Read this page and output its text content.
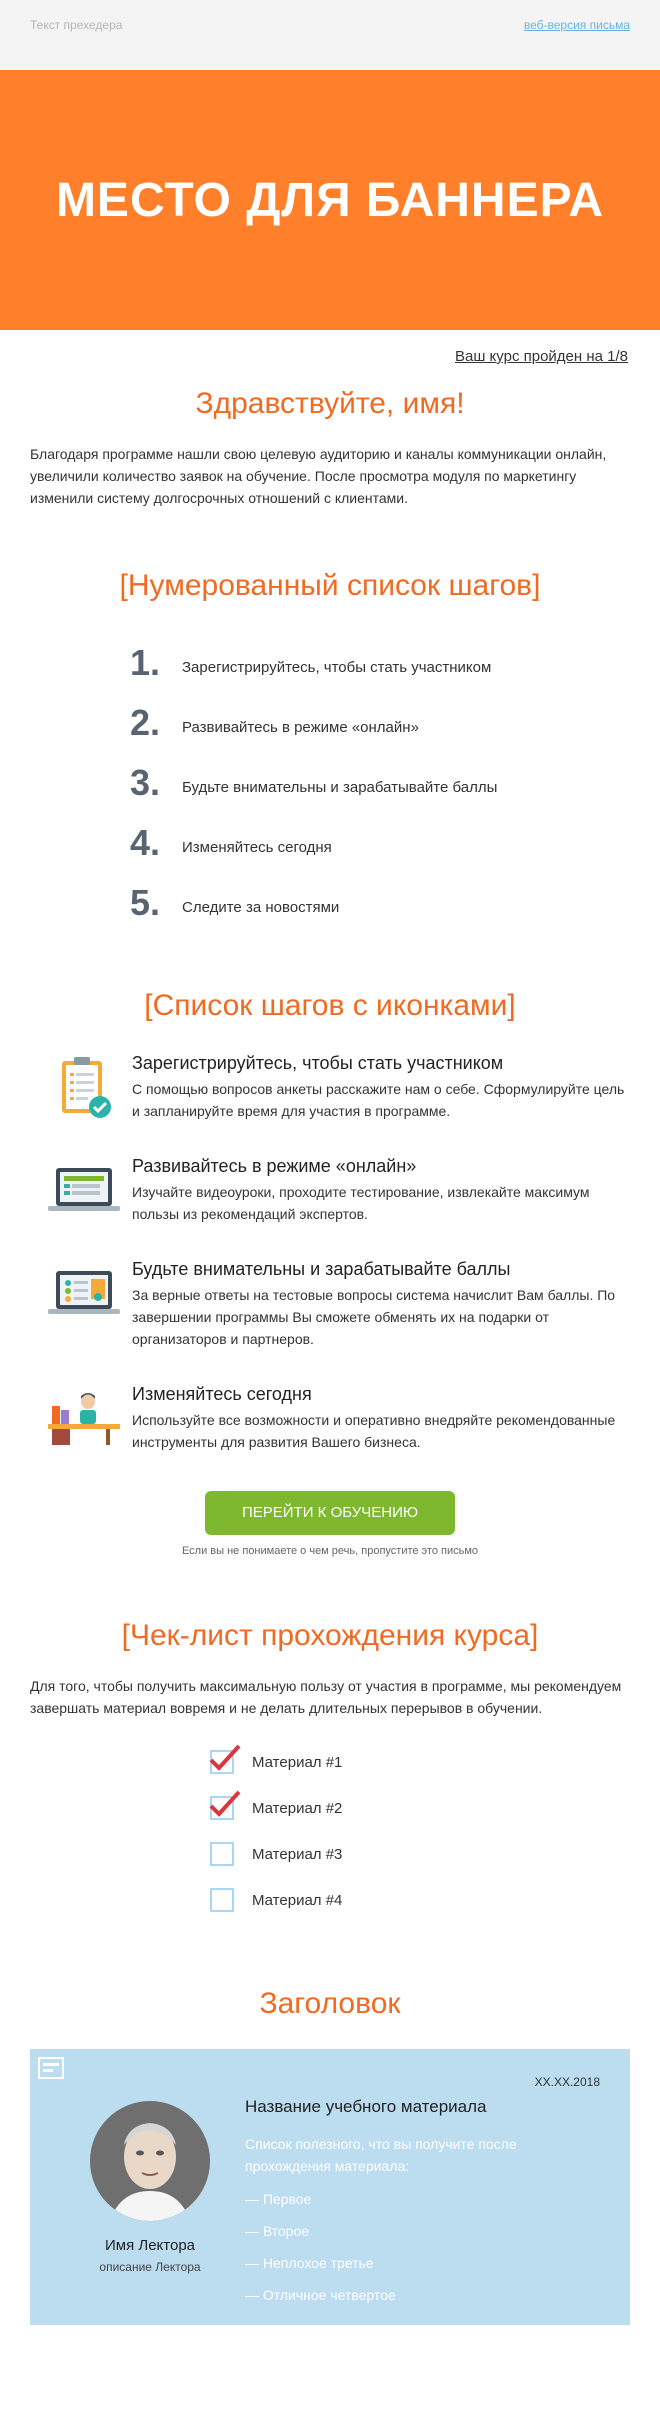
Текст прехедера	веб-версия письма
МЕСТО ДЛЯ БАННЕРА
Ваш курс пройден на 1/8
Здравствуйте, имя!

Благодаря программе нашли свою целевую аудиторию и каналы коммуникации онлайн, увеличили количество заявок на обучение. После просмотра модуля по маркетингу изменили систему долгосрочных отношений с клиентами.

[Нумерованный список шагов]
1.	Зарегистрируйтесь, чтобы стать участником
2.	Развивайтесь в режиме «онлайн»
3.	Будьте внимательны и зарабатывайте баллы
4.	Изменяйтесь сегодня
5.	Следите за новостями
[Список шагов с иконками]
Зарегистрируйтесь, чтобы стать участником

С помощью вопросов анкеты расскажите нам о себе. Сформулируйте цель и запланируйте время для участия в программе.

Развивайтесь в режиме «онлайн»

Изучайте видеоуроки, проходите тестирование, извлекайте максимум пользы из рекомендаций экспертов.

Будьте внимательны и зарабатывайте баллы

За верные ответы на тестовые вопросы система начислит Вам баллы. По завершении программы Вы сможете обменять их на подарки от организаторов и партнеров.

Изменяйтесь сегодня

Используйте все возможности и оперативно внедряйте рекомендованные инструменты для развития Вашего бизнеса.

ПЕРЕЙТИ К ОБУЧЕНИЮ

Если вы не понимаете о чем речь, пропустите это письмо

[Чек-лист прохождения курса]

Для того, чтобы получить максимальную пользу от участия в программе, мы рекомендуем завершать материал вовремя и не делать длительных перерывов в обучении.

Материал #1
Материал #2
Материал #3
Материал #4
Заголовок
XX.XX.2018

Имя Лектора

описание Лектора

Название учебного материала

Список полезного, что вы получите после прохождения материала:

— Первое
— Второе
— Неплохое третье
— Отличное четвертое
